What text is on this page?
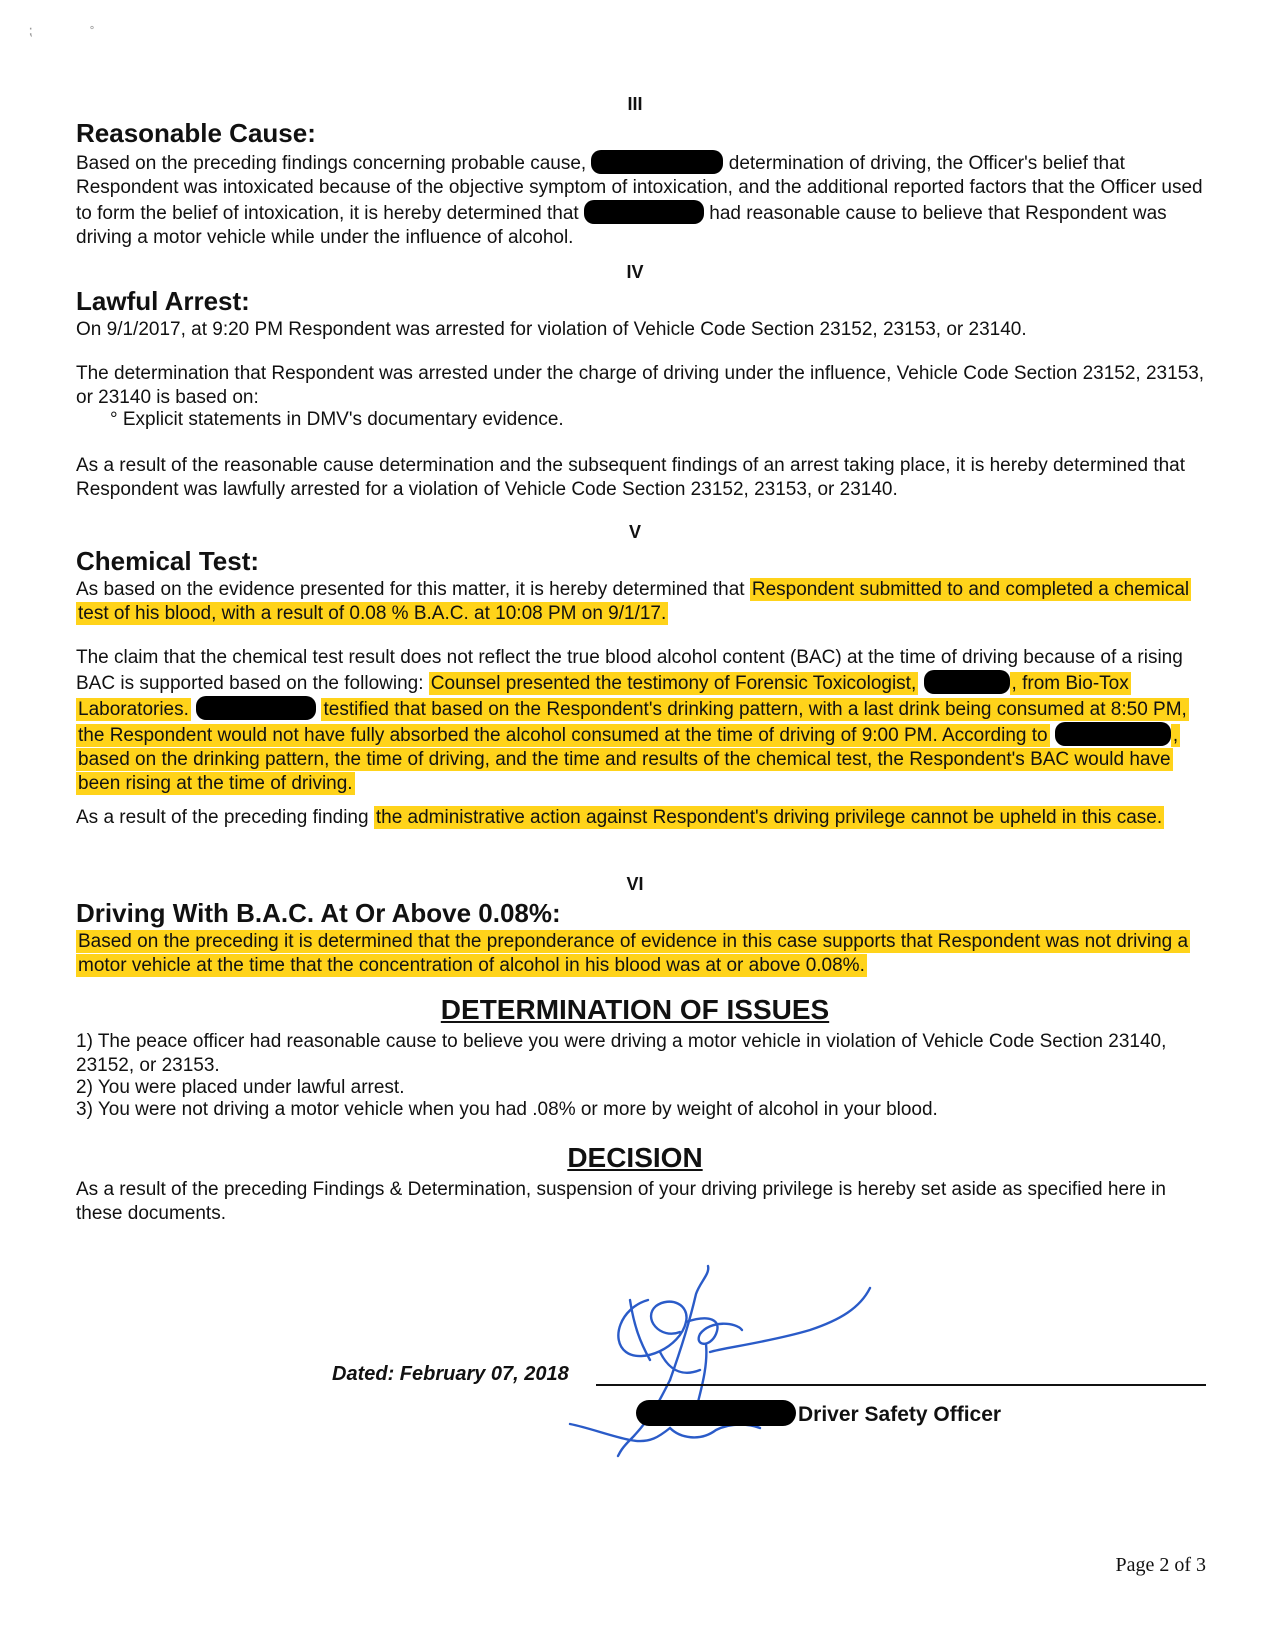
⁏	˚
III
Reasonable Cause:

Based on the preceding findings concerning probable cause,	determination of driving, the Officer's belief that Respondent was intoxicated because of the objective symptom of intoxication, and the additional reported factors that the Officer used to form the belief of intoxication, it is hereby determined that	had reasonable cause to believe that Respondent was driving a motor vehicle while under the influence of alcohol.

IV
Lawful Arrest:

On 9/1/2017, at 9:20 PM Respondent was arrested for violation of Vehicle Code Section 23152, 23153, or 23140.

The determination that Respondent was arrested under the charge of driving under the influence, Vehicle Code Section 23152, 23153, or 23140 is based on:

° Explicit statements in DMV's documentary evidence.

As a result of the reasonable cause determination and the subsequent findings of an arrest taking place, it is hereby determined that Respondent was lawfully arrested for a violation of Vehicle Code Section 23152, 23153, or 23140.

V
Chemical Test:

As based on the evidence presented for this matter, it is hereby determined that Respondent submitted to and completed a chemical test of his blood, with a result of 0.08 % B.A.C. at 10:08 PM on 9/1/17.

The claim that the chemical test result does not reflect the true blood alcohol content (BAC) at the time of driving because of a rising BAC is supported based on the following: Counsel presented the testimony of Forensic Toxicologist,	, from Bio-Tox Laboratories.	testified that based on the Respondent's drinking pattern, with a last drink being consumed at 8:50 PM, the Respondent would not have fully absorbed the alcohol consumed at the time of driving of 9:00 PM. According to	, based on the drinking pattern, the time of driving, and the time and results of the chemical test, the Respondent's BAC would have been rising at the time of driving.

As a result of the preceding finding the administrative action against Respondent's driving privilege cannot be upheld in this case.

VI
Driving With B.A.C. At Or Above 0.08%:

Based on the preceding it is determined that the preponderance of evidence in this case supports that Respondent was not driving a motor vehicle at the time that the concentration of alcohol in his blood was at or above 0.08%.

DETERMINATION OF ISSUES

1) The peace officer had reasonable cause to believe you were driving a motor vehicle in violation of Vehicle Code Section 23140, 23152, or 23153.

2) You were placed under lawful arrest.

3) You were not driving a motor vehicle when you had .08% or more by weight of alcohol in your blood.

DECISION

As a result of the preceding Findings & Determination, suspension of your driving privilege is hereby set aside as specified here in these documents.

Dated: February 07, 2018
Driver Safety Officer
Page 2 of 3
